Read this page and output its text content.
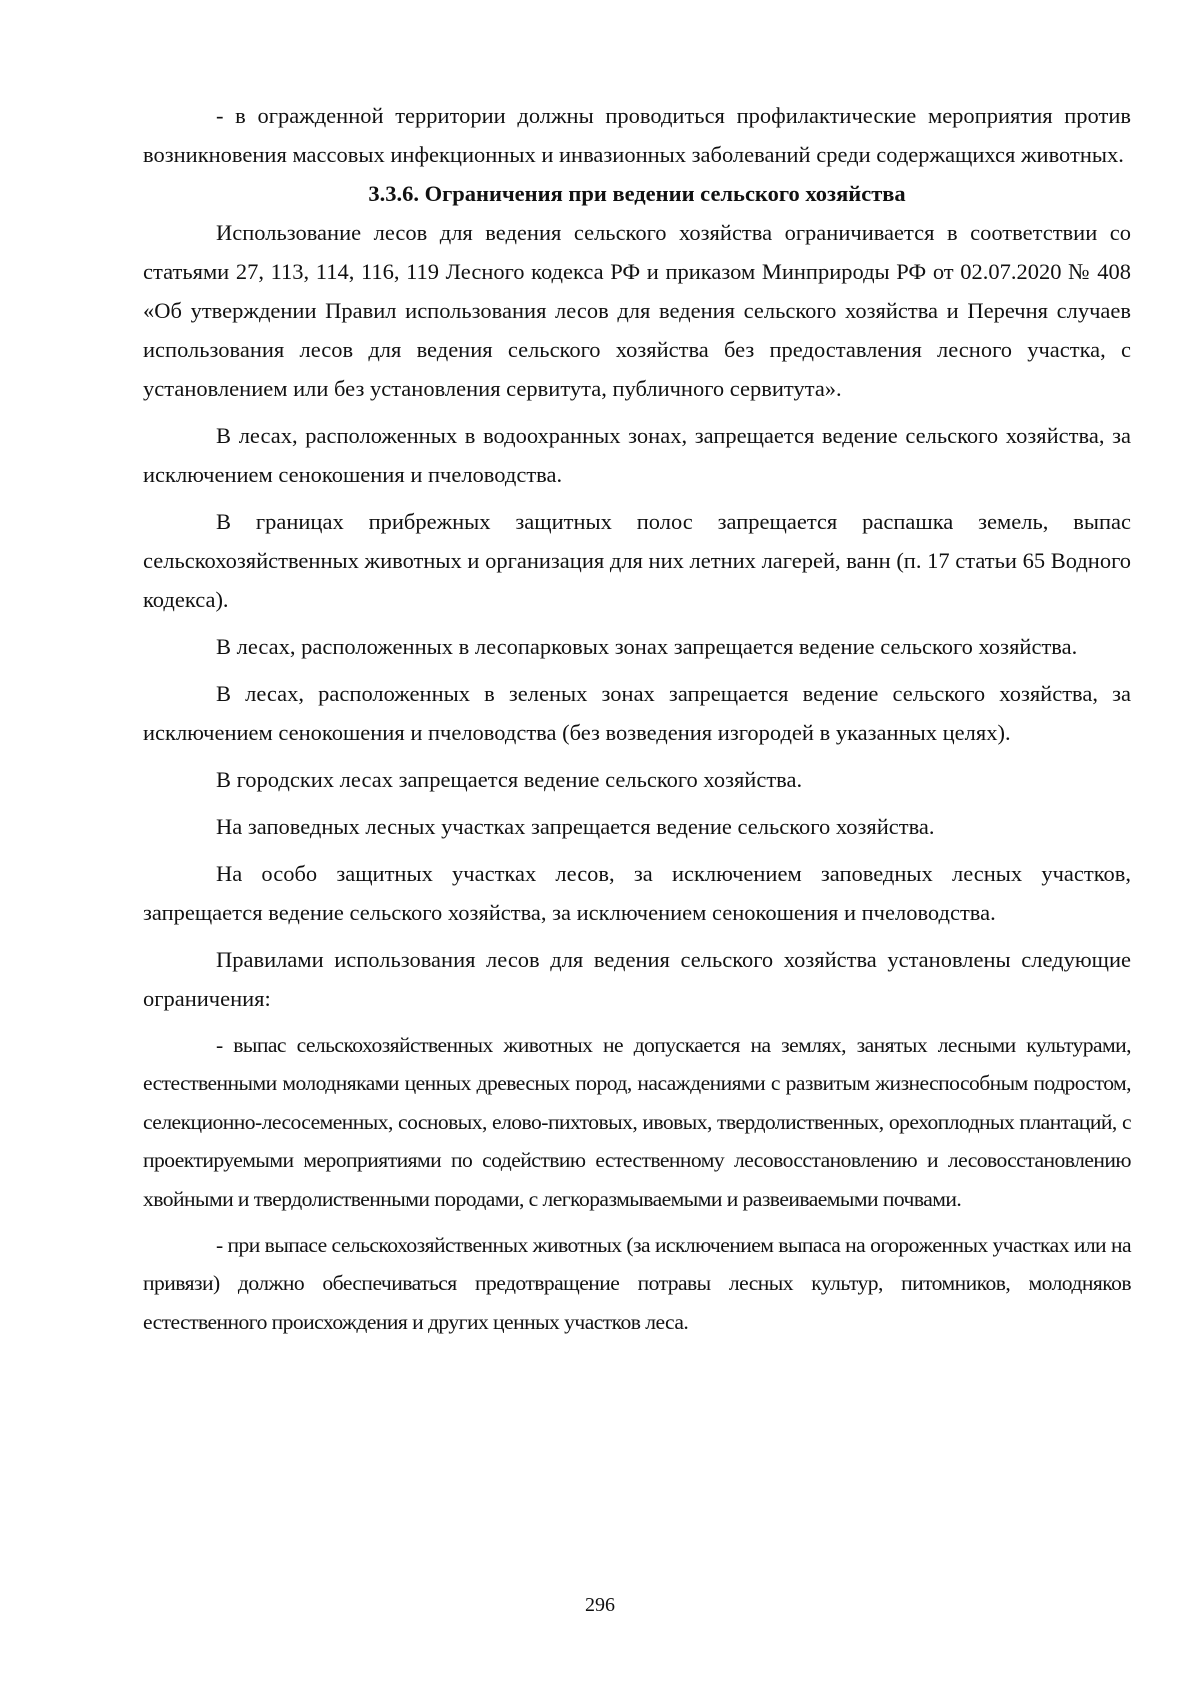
- в огражденной территории должны проводиться профилактические мероприятия против возникновения массовых инфекционных и инвазионных заболеваний среди содержащихся животных.

3.3.6. Ограничения при ведении сельского хозяйства

Использование лесов для ведения сельского хозяйства ограничивается в соответствии со статьями 27, 113, 114, 116, 119 Лесного кодекса РФ и приказом Минприроды РФ от 02.07.2020 № 408 «Об утверждении Правил использования лесов для ведения сельского хозяйства и Перечня случаев использования лесов для ведения сельского хозяйства без предоставления лесного участка, с установлением или без установления сервитута, публичного сервитута».

В лесах, расположенных в водоохранных зонах, запрещается ведение сельского хозяйства, за исключением сенокошения и пчеловодства.

В границах прибрежных защитных полос запрещается распашка земель, выпас сельскохозяйственных животных и организация для них летних лагерей, ванн (п. 17 статьи 65 Водного кодекса).

В лесах, расположенных в лесопарковых зонах запрещается ведение сельского хозяйства.

В лесах, расположенных в зеленых зонах запрещается ведение сельского хозяйства, за исключением сенокошения и пчеловодства (без возведения изгородей в указанных целях).

В городских лесах запрещается ведение сельского хозяйства.

На заповедных лесных участках запрещается ведение сельского хозяйства.

На особо защитных участках лесов, за исключением заповедных лесных участков, запрещается ведение сельского хозяйства, за исключением сенокошения и пчеловодства.

Правилами использования лесов для ведения сельского хозяйства установлены следующие ограничения:

- выпас сельскохозяйственных животных не допускается на землях, занятых лесными культурами, естественными молодняками ценных древесных пород, насаждениями с развитым жизнеспособным подростом, селекционно-лесосеменных, сосновых, елово-пихтовых, ивовых, твердолиственных, орехоплодных плантаций, с проектируемыми мероприятиями по содействию естественному лесовосстановлению и лесовосстановлению хвойными и твердолиственными породами, с легкоразмываемыми и развеиваемыми почвами.

- при выпасе сельскохозяйственных животных (за исключением выпаса на огороженных участках или на привязи) должно обеспечиваться предотвращение потравы лесных культур, питомников, молодняков естественного происхождения и других ценных участков леса.

296
